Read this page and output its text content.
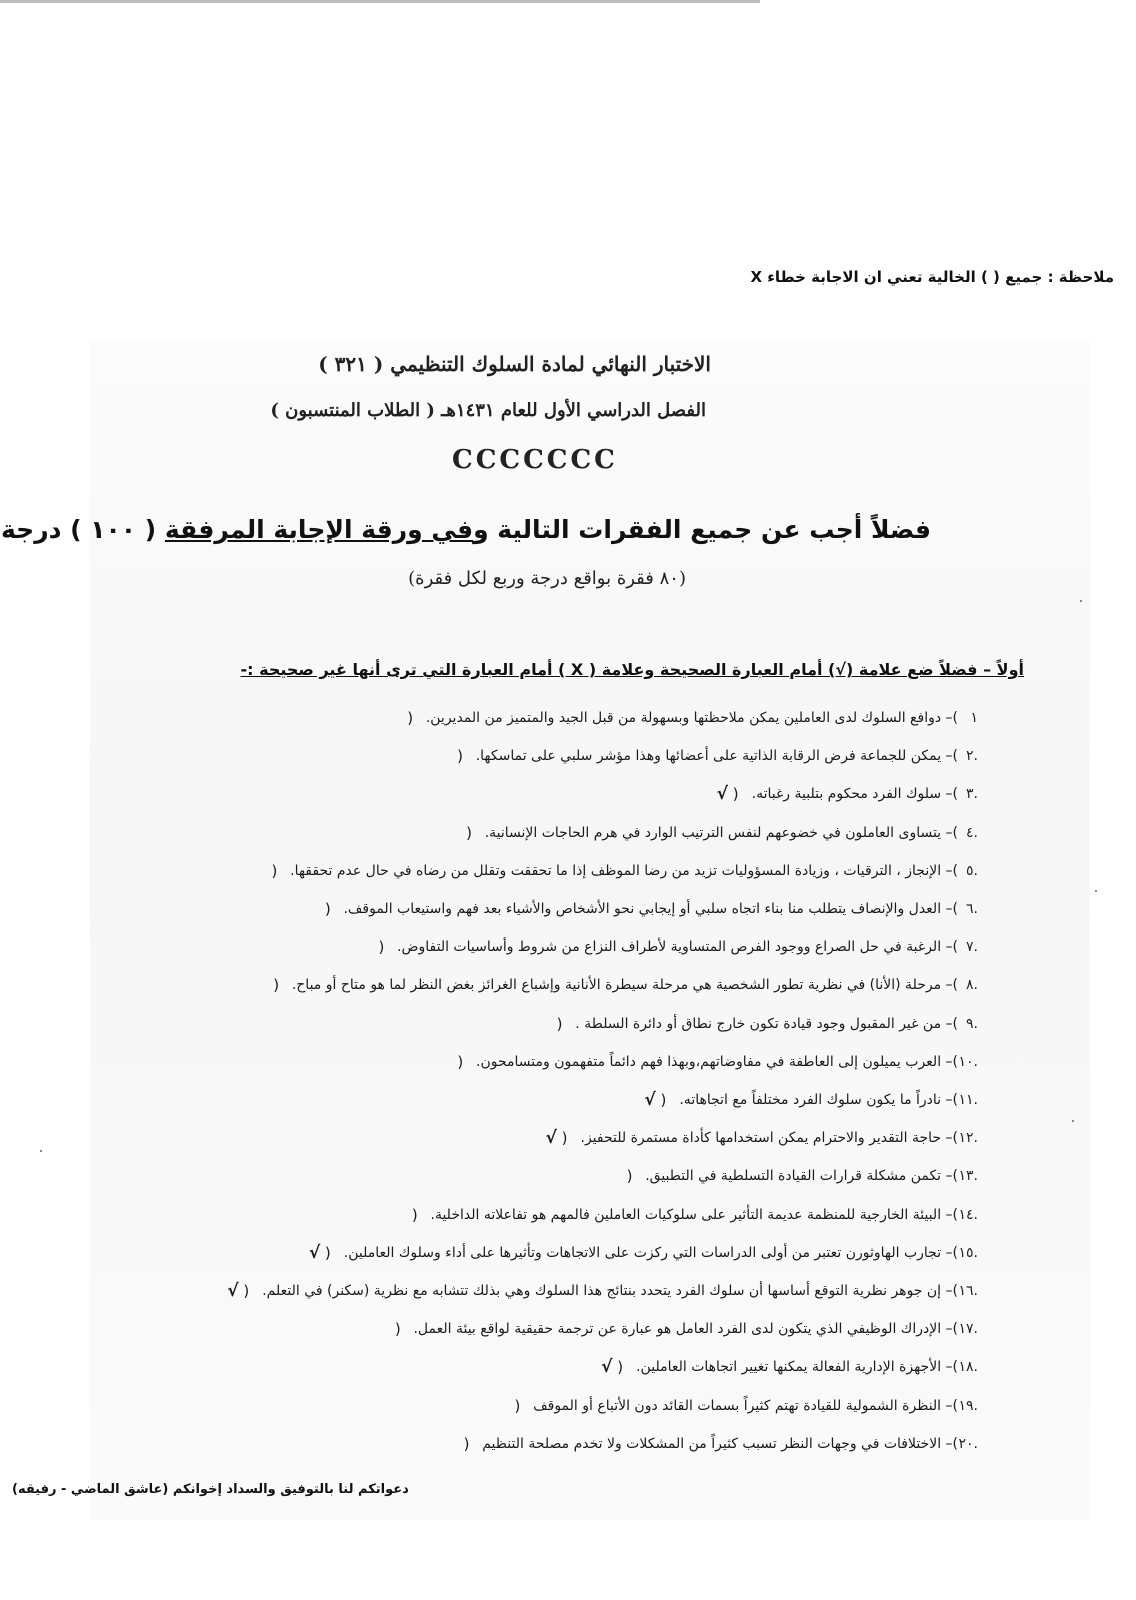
ملاحظة : جميع ( ) الخالية تعني ان الاجابة خطاء X
الاختبار النهائي لمادة السلوك التنظيمي ( ٣٢١ )
الفصل الدراسي الأول للعام ١٤٣١هـ ( الطلاب المنتسبون )
CCCCCCC
فضلاً أجب عن جميع الفقرات التالية وفي ورقة الإجابة المرفقة ( ١٠٠ ) درجة
(٨٠ فقرة بواقع درجة وربع لكل فقرة)
أولاً – فضلاً ضع علامة (√) أمام العبارة الصحيحة وعلامة ( X ) أمام العبارة التي ترى أنها غير صحيحة :-
١
)– دوافع السلوك لدى العاملين يمكن ملاحظتها وبسهولة من قبل الجيد والمتميز من المديرين.
(
٢.
)– يمكن للجماعة فرض الرقابة الذاتية على أعضائها وهذا مؤشر سلبي على تماسكها.
(
٣.
)– سلوك الفرد محكوم بتلبية رغباته.
( √
٤.
)– يتساوى العاملون في خضوعهم لنفس الترتيب الوارد في هرم الحاجات الإنسانية.
(
٥.
)– الإنجاز ، الترقيات ، وزيادة المسؤوليات تزيد من رضا الموظف إذا ما تحققت وتقلل من رضاه في حال عدم تحققها.
(
٦.
)– العدل والإنصاف يتطلب منا بناء اتجاه سلبي أو إيجابي نحو الأشخاص والأشياء بعد فهم واستيعاب الموقف.
(
٧.
)– الرغبة في حل الصراع ووجود الفرص المتساوية لأطراف النزاع من شروط وأساسيات التفاوض.
(
٨.
)– مرحلة (الأنا) في نظرية تطور الشخصية هي مرحلة سيطرة الأنانية وإشباع الغرائز بغض النظر لما هو متاح أو مباح.
(
٩.
)– من غير المقبول وجود قيادة تكون خارج نطاق أو دائرة السلطة .
(
١٠.
)– العرب يميلون إلى العاطفة في مفاوضاتهم،وبهذا فهم دائماً متفهمون ومتسامحون.
(
١١.
)– نادراً ما يكون سلوك الفرد مختلفاً مع اتجاهاته.
( √
١٢.
)– حاجة التقدير والاحترام يمكن استخدامها كأداة مستمرة للتحفيز.
( √
١٣.
)– تكمن مشكلة قرارات القيادة التسلطية في التطبيق.
(
١٤.
)– البيئة الخارجية للمنظمة عديمة التأثير على سلوكيات العاملين فالمهم هو تفاعلاته الداخلية.
(
١٥.
)– تجارب الهاوثورن تعتبر من أولى الدراسات التي ركزت على الاتجاهات وتأثيرها على أداء وسلوك العاملين.
( √
١٦.
)– إن جوهر نظرية التوقع أساسها أن سلوك الفرد يتحدد بنتائج هذا السلوك وهي بذلك تتشابه مع نظرية (سكنر) في التعلم.
( √
١٧.
)– الإدراك الوظيفي الذي يتكون لدى الفرد العامل هو عبارة عن ترجمة حقيقية لواقع بيئة العمل.
(
١٨.
)– الأجهزة الإدارية الفعالة يمكنها تغيير اتجاهات العاملين.
( √
١٩.
)– النظرة الشمولية للقيادة تهتم كثيراً بسمات القائد دون الأتباع أو الموقف
(
٢٠.
)– الاختلافات في وجهات النظر تسبب كثيراً من المشكلات ولا تخدم مصلحة التنظيم
(
دعواتكم لنا بالتوفيق والسداد إخوانكم (عاشق الماضي - رفيقه)
